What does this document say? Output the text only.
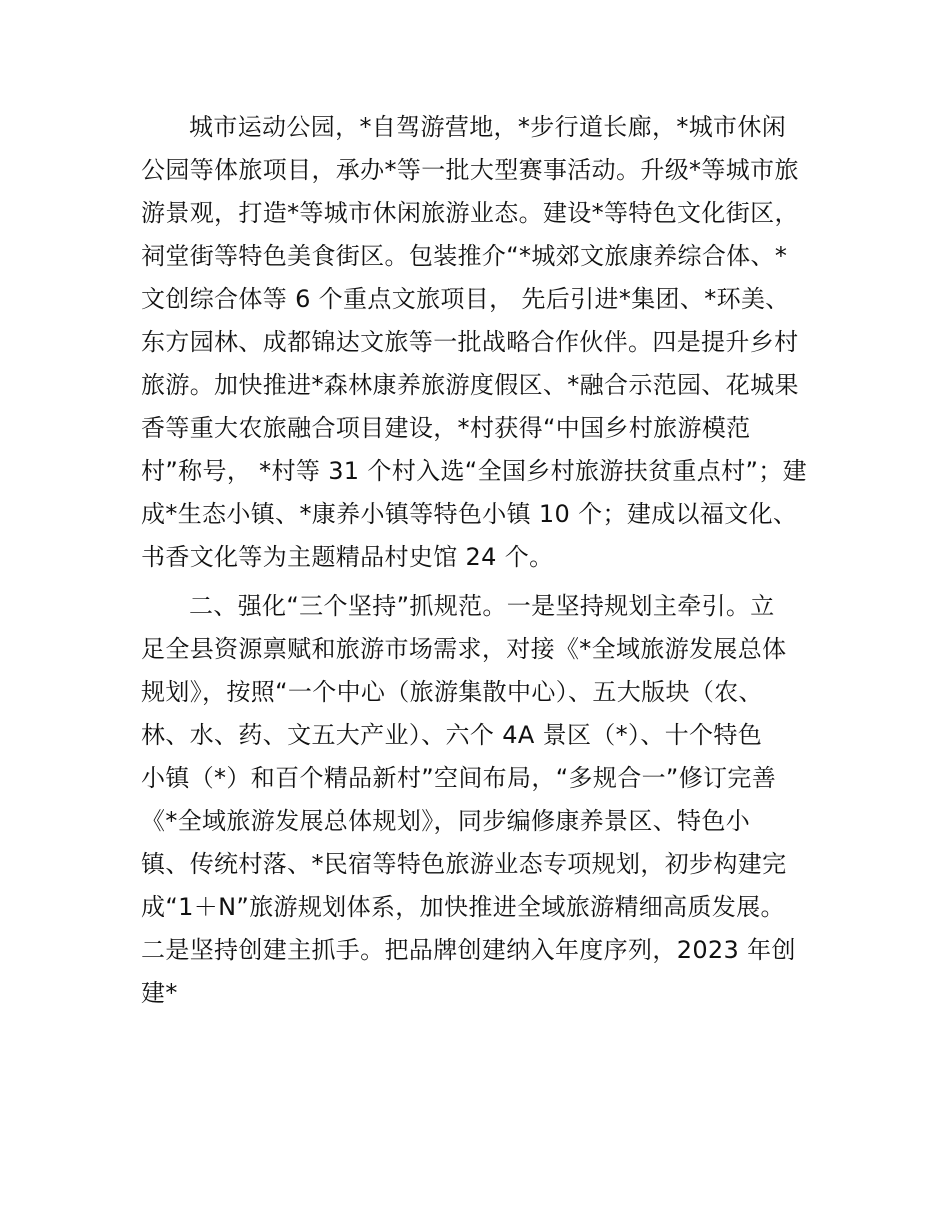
城市运动公园，*自驾游营地，*步行道长廊，*城市休闲
公园等体旅项目，承办*等一批大型赛事活动。升级*等城市旅
游景观，打造*等城市休闲旅游业态。建设*等特色文化街区，
祠堂街等特色美食街区。包装推介“*城郊文旅康养综合体、*
文创综合体等 6 个重点文旅项目， 先后引进*集团、*环美、
东方园林、成都锦达文旅等一批战略合作伙伴。四是提升乡村
旅游。加快推进*森林康养旅游度假区、*融合示范园、花城果
香等重大农旅融合项目建设，*村获得“中国乡村旅游模范
村”称号， *村等 31 个村入选“全国乡村旅游扶贫重点村”；建
成*生态小镇、*康养小镇等特色小镇 10 个；建成以福文化、
书香文化等为主题精品村史馆 24 个。
二、强化“三个坚持”抓规范。一是坚持规划主牵引。立
足全县资源禀赋和旅游市场需求，对接《*全域旅游发展总体
规划》，按照“一个中心（旅游集散中心）、五大版块（农、
林、水、药、文五大产业）、六个 4A 景区（*）、十个特色
小镇（*）和百个精品新村”空间布局，“多规合一”修订完善
《*全域旅游发展总体规划》，同步编修康养景区、特色小
镇、传统村落、*民宿等特色旅游业态专项规划，初步构建完
成“1＋N”旅游规划体系，加快推进全域旅游精细高质发展。
二是坚持创建主抓手。把品牌创建纳入年度序列，2023 年创
建*
